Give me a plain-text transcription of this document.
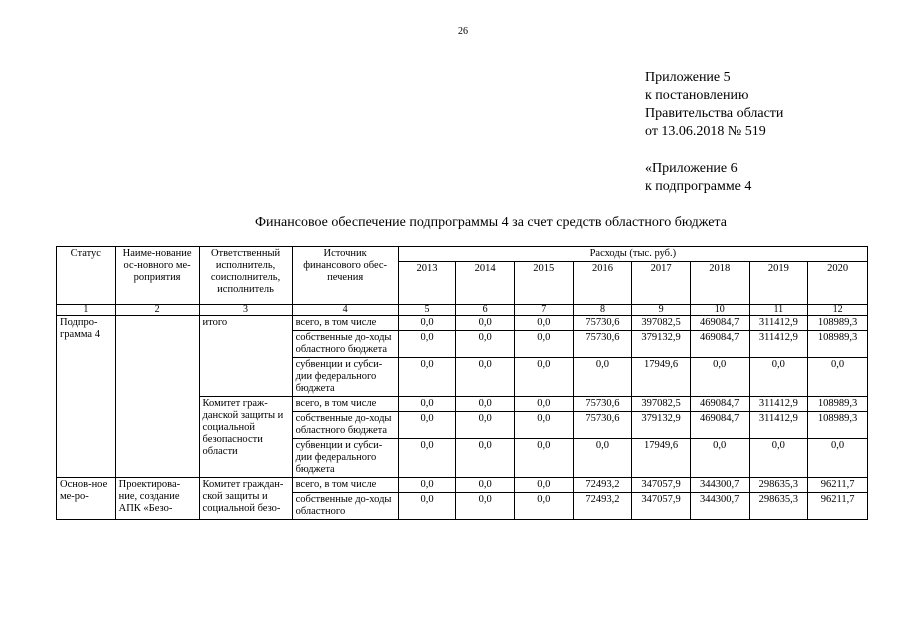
26
Приложение 5
к постановлению
Правительства области
от 13.06.2018 № 519
«Приложение 6
к подпрограмме 4
Финансовое обеспечение подпрограммы 4 за счет средств областного бюджета
Статус	Наиме-нование ос-новного ме-роприятия	Ответственный исполнитель, соисполнитель, исполнитель	Источник финансового обес-печения	Расходы (тыс. руб.)							
				2013	2014	2015	2016	2017	2018	2019	2020
1	2	3	4	5	6	7	8	9	10	11	12
Подпро-грамма 4		итого	всего, в том числе	0,0	0,0	0,0	75730,6	397082,5	469084,7	311412,9	108989,3
			собственные до-ходы областного бюджета	0,0	0,0	0,0	75730,6	379132,9	469084,7	311412,9	108989,3
			субвенции и субси-дии федерального бюджета	0,0	0,0	0,0	0,0	17949,6	0,0	0,0	0,0
		Комитет граж-данской защиты и социальной безопасности области	всего, в том числе	0,0	0,0	0,0	75730,6	397082,5	469084,7	311412,9	108989,3
			собственные до-ходы областного бюджета	0,0	0,0	0,0	75730,6	379132,9	469084,7	311412,9	108989,3
			субвенции и субси-дии федерального бюджета	0,0	0,0	0,0	0,0	17949,6	0,0	0,0	0,0
Основ-ное ме-ро-	Проектирова-ние, создание АПК «Безо-	Комитет граждан-ской защиты и социальной безо-	всего, в том числе	0,0	0,0	0,0	72493,2	347057,9	344300,7	298635,3	96211,7
			собственные до-ходы областного	0,0	0,0	0,0	72493,2	347057,9	344300,7	298635,3	96211,7
